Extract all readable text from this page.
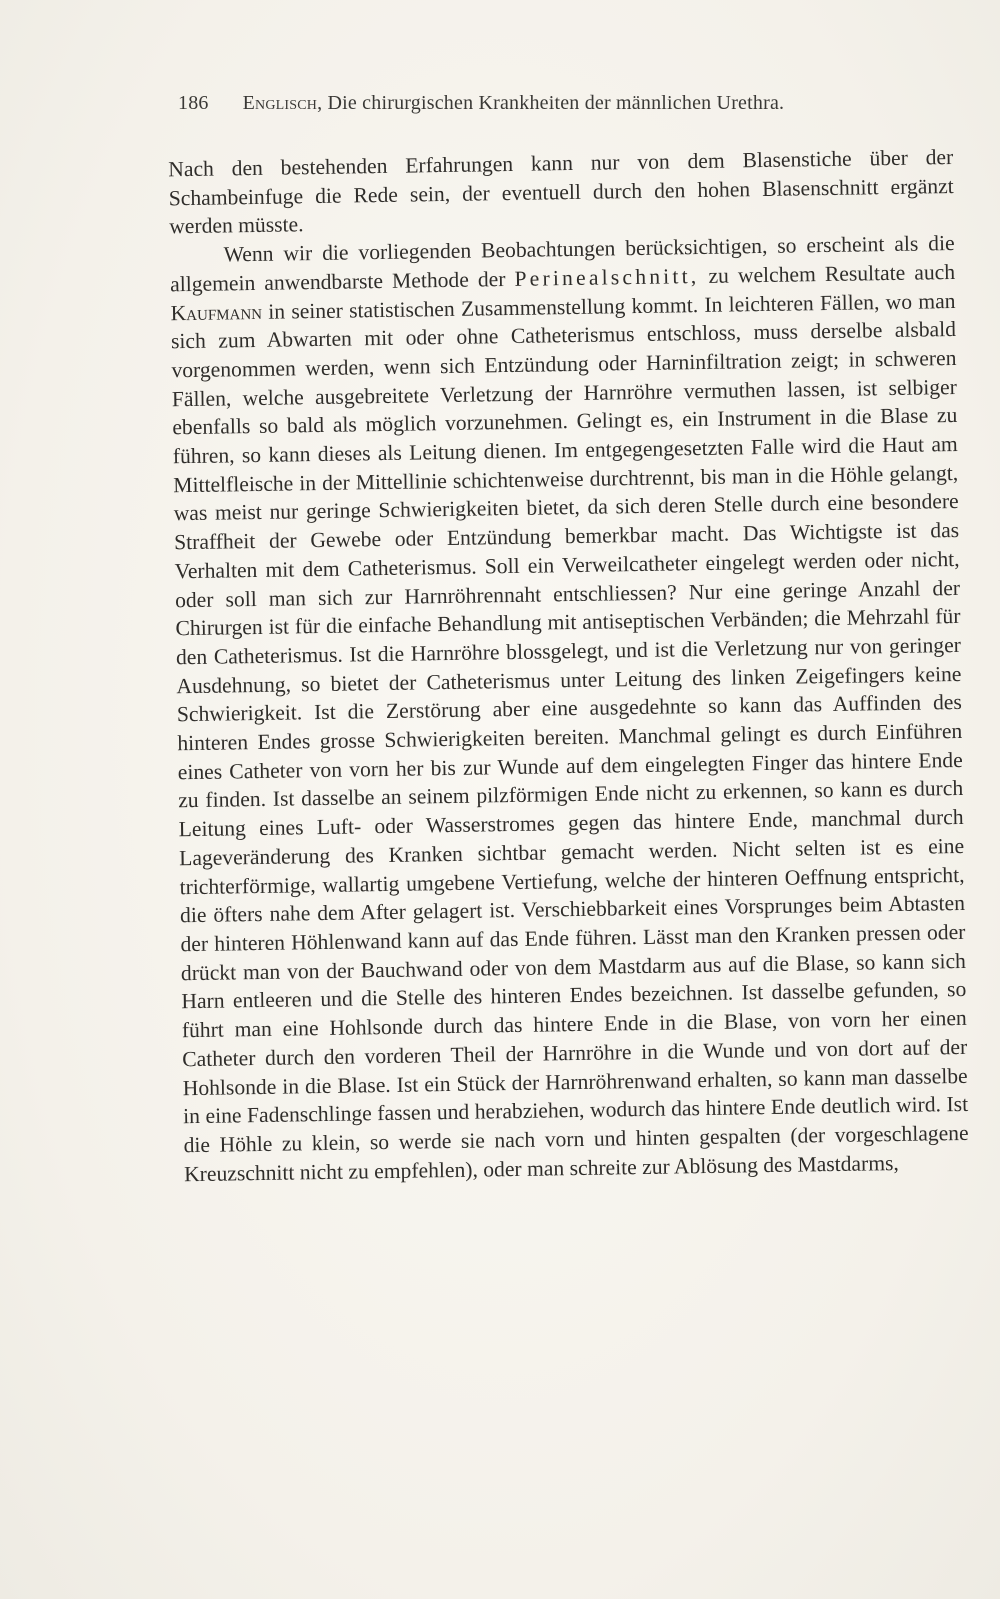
186 Englisch, Die chirurgischen Krankheiten der männlichen Urethra.

Nach den bestehenden Erfahrungen kann nur von dem Blasenstiche über der Schambeinfuge die Rede sein, der eventuell durch den hohen Blasenschnitt ergänzt werden müsste.

Wenn wir die vorliegenden Beobachtungen berücksichtigen, so erscheint als die allgemein anwendbarste Methode der Perinealschnitt, zu welchem Resultate auch Kaufmann in seiner statistischen Zusammenstellung kommt. In leichteren Fällen, wo man sich zum Abwarten mit oder ohne Catheterismus entschloss, muss derselbe alsbald vorgenommen werden, wenn sich Entzündung oder Harninfiltration zeigt; in schweren Fällen, welche ausgebreitete Verletzung der Harnröhre vermuthen lassen, ist selbiger ebenfalls so bald als möglich vorzunehmen. Gelingt es, ein Instrument in die Blase zu führen, so kann dieses als Leitung dienen. Im entgegengesetzten Falle wird die Haut am Mittelfleische in der Mittellinie schichtenweise durchtrennt, bis man in die Höhle gelangt, was meist nur geringe Schwierigkeiten bietet, da sich deren Stelle durch eine besondere Straffheit der Gewebe oder Entzündung bemerkbar macht. Das Wichtigste ist das Verhalten mit dem Catheterismus. Soll ein Verweilcatheter eingelegt werden oder nicht, oder soll man sich zur Harnröhrennaht entschliessen? Nur eine geringe Anzahl der Chirurgen ist für die einfache Behandlung mit antiseptischen Verbänden; die Mehrzahl für den Catheterismus. Ist die Harnröhre blossgelegt, und ist die Verletzung nur von geringer Ausdehnung, so bietet der Catheterismus unter Leitung des linken Zeigefingers keine Schwierigkeit. Ist die Zerstörung aber eine ausgedehnte so kann das Auffinden des hinteren Endes grosse Schwierigkeiten bereiten. Manchmal gelingt es durch Einführen eines Catheter von vorn her bis zur Wunde auf dem eingelegten Finger das hintere Ende zu finden. Ist dasselbe an seinem pilzförmigen Ende nicht zu erkennen, so kann es durch Leitung eines Luft- oder Wasserstromes gegen das hintere Ende, manchmal durch Lageveränderung des Kranken sichtbar gemacht werden. Nicht selten ist es eine trichterförmige, wallartig umgebene Vertiefung, welche der hinteren Oeffnung entspricht, die öfters nahe dem After gelagert ist. Verschiebbarkeit eines Vorsprunges beim Abtasten der hinteren Höhlenwand kann auf das Ende führen. Lässt man den Kranken pressen oder drückt man von der Bauchwand oder von dem Mastdarm aus auf die Blase, so kann sich Harn entleeren und die Stelle des hinteren Endes bezeichnen. Ist dasselbe gefunden, so führt man eine Hohlsonde durch das hintere Ende in die Blase, von vorn her einen Catheter durch den vorderen Theil der Harnröhre in die Wunde und von dort auf der Hohlsonde in die Blase. Ist ein Stück der Harnröhrenwand erhalten, so kann man dasselbe in eine Fadenschlinge fassen und herabziehen, wodurch das hintere Ende deutlich wird. Ist die Höhle zu klein, so werde sie nach vorn und hinten gespalten (der vorgeschlagene Kreuzschnitt nicht zu empfehlen), oder man schreite zur Ablösung des Mastdarms,
